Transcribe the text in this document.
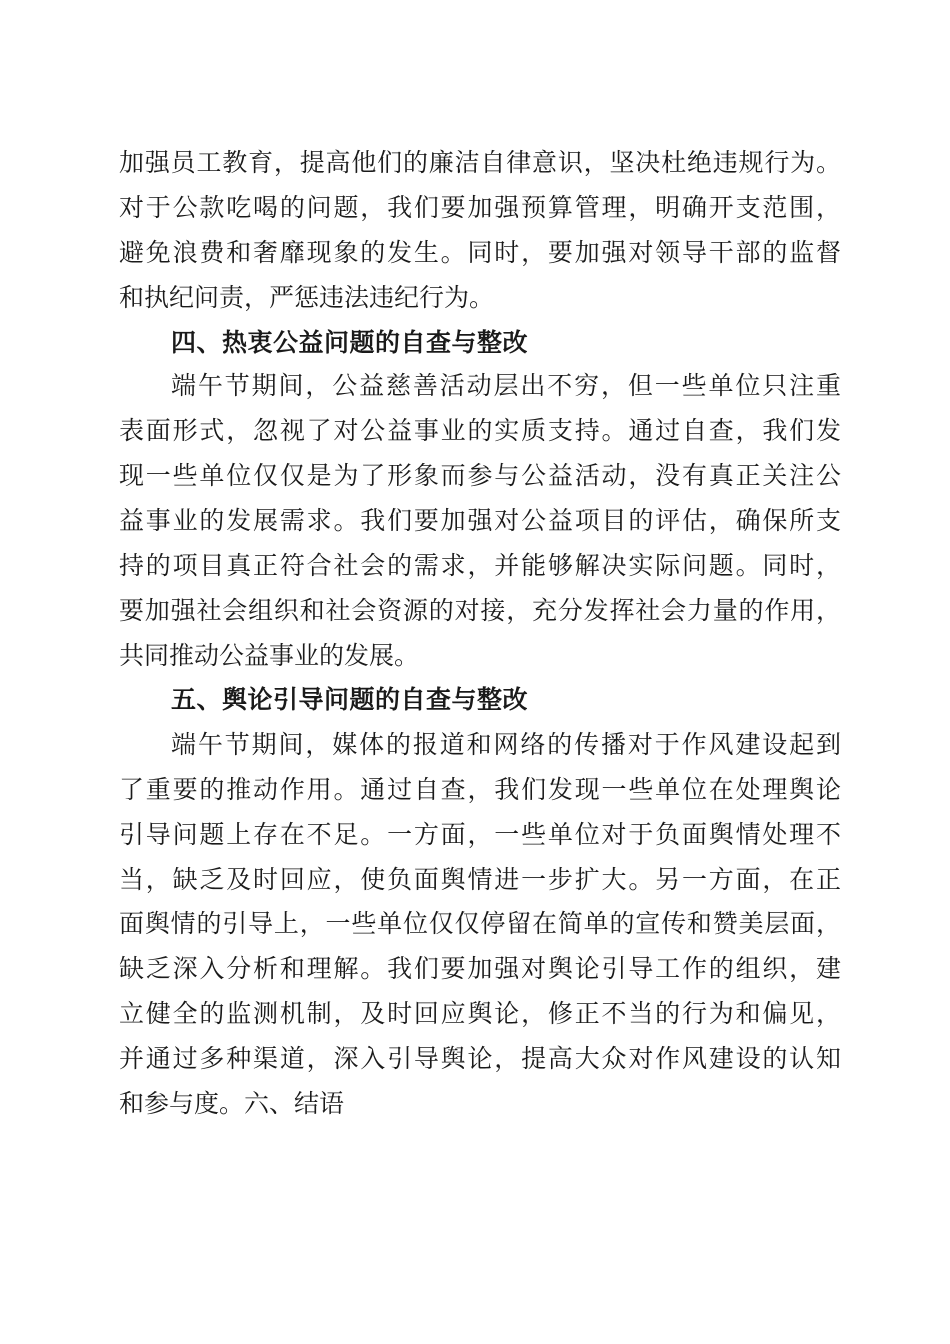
加强员工教育，提高他们的廉洁自律意识，坚决杜绝违规行为。
对于公款吃喝的问题，我们要加强预算管理，明确开支范围，
避免浪费和奢靡现象的发生。同时，要加强对领导干部的监督
和执纪问责，严惩违法违纪行为。
四、热衷公益问题的自查与整改
端午节期间，公益慈善活动层出不穷，但一些单位只注重
表面形式，忽视了对公益事业的实质支持。通过自查，我们发
现一些单位仅仅是为了形象而参与公益活动，没有真正关注公
益事业的发展需求。我们要加强对公益项目的评估，确保所支
持的项目真正符合社会的需求，并能够解决实际问题。同时，
要加强社会组织和社会资源的对接，充分发挥社会力量的作用，
共同推动公益事业的发展。
五、舆论引导问题的自查与整改
端午节期间，媒体的报道和网络的传播对于作风建设起到
了重要的推动作用。通过自查，我们发现一些单位在处理舆论
引导问题上存在不足。一方面，一些单位对于负面舆情处理不
当，缺乏及时回应，使负面舆情进一步扩大。另一方面，在正
面舆情的引导上，一些单位仅仅停留在简单的宣传和赞美层面，
缺乏深入分析和理解。我们要加强对舆论引导工作的组织，建
立健全的监测机制，及时回应舆论，修正不当的行为和偏见，
并通过多种渠道，深入引导舆论，提高大众对作风建设的认知
和参与度。六、结语
